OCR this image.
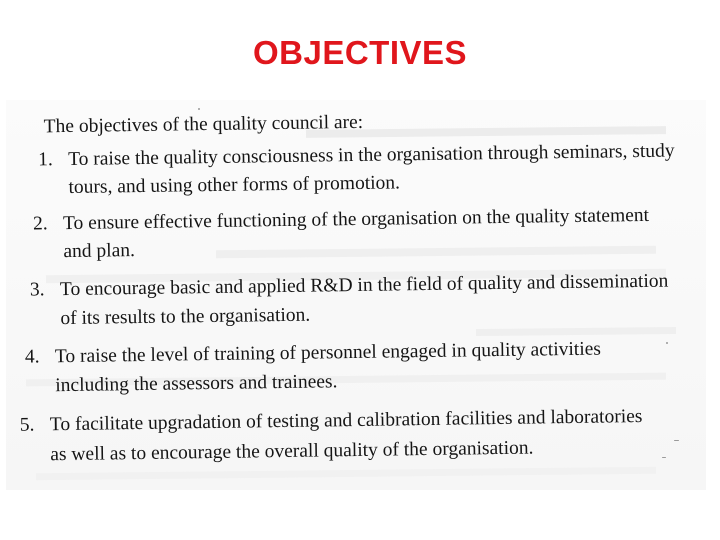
OBJECTIVES
The objectives of the quality council are:
1. To raise the quality consciousness in the organisation through seminars, study
tours, and using other forms of promotion.
2. To ensure effective functioning of the organisation on the quality statement
and plan.
3. To encourage basic and applied R&D in the field of quality and dissemination
of its results to the organisation.
4. To raise the level of training of personnel engaged in quality activities
including the assessors and trainees.
5. To facilitate upgradation of testing and calibration facilities and laboratories
as well as to encourage the overall quality of the organisation.
